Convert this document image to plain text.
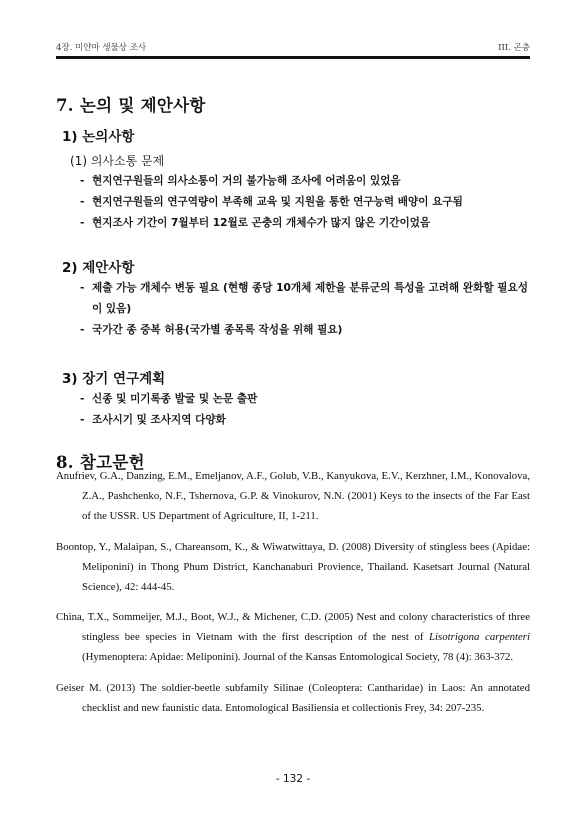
4장. 미얀마 생물상 조사	III. 곤충
7. 논의 및 제안사항
1) 논의사항
(1) 의사소통 문제
- 현지연구원들의 의사소통이 거의 불가능해 조사에 어려움이 있었음
- 현지연구원들의 연구역량이 부족해 교육 및 지원을 통한 연구능력 배양이 요구됨
- 현지조사 기간이 7월부터 12월로 곤충의 개체수가 많지 않은 기간이었음
2) 제안사항
- 제출 가능 개체수 변동 필요 (현행 종당 10개체 제한을 분류군의 특성을 고려해 완화할 필요성이 있음)
- 국가간 종 중복 허용(국가별 종목록 작성을 위해 필요)
3) 장기 연구계획
- 신종 및 미기록종 발굴 및 논문 출판
- 조사시기 및 조사지역 다양화
8. 참고문헌

Anufriev, G.A., Danzing, E.M., Emeljanov, A.F., Golub, V.B., Kanyukova, E.V., Kerzhner, I.M., Konovalova, Z.A., Pashchenko, N.F., Tshernova, G.P. & Vinokurov, N.N. (2001) Keys to the insects of the Far East of the USSR. US Department of Agriculture, II, 1-211.

Boontop, Y., Malaipan, S., Chareansom, K., & Wiwatwittaya, D. (2008) Diversity of stingless bees (Apidae: Meliponini) in Thong Phum District, Kanchanaburi Provience, Thailand. Kasetsart Journal (Natural Science), 42: 444-45.

China, T.X., Sommeijer, M.J., Boot, W.J., & Michener, C.D. (2005) Nest and colony characteristics of three stingless bee species in Vietnam with the first description of the nest of Lisotrigona carpenteri (Hymenoptera: Apidae: Meliponini). Journal of the Kansas Entomological Society, 78 (4): 363-372.

Geiser M. (2013) The soldier-beetle subfamily Silinae (Coleoptera: Cantharidae) in Laos: An annotated checklist and new faunistic data. Entomological Basiliensia et collectionis Frey, 34: 207-235.

- 132 -
